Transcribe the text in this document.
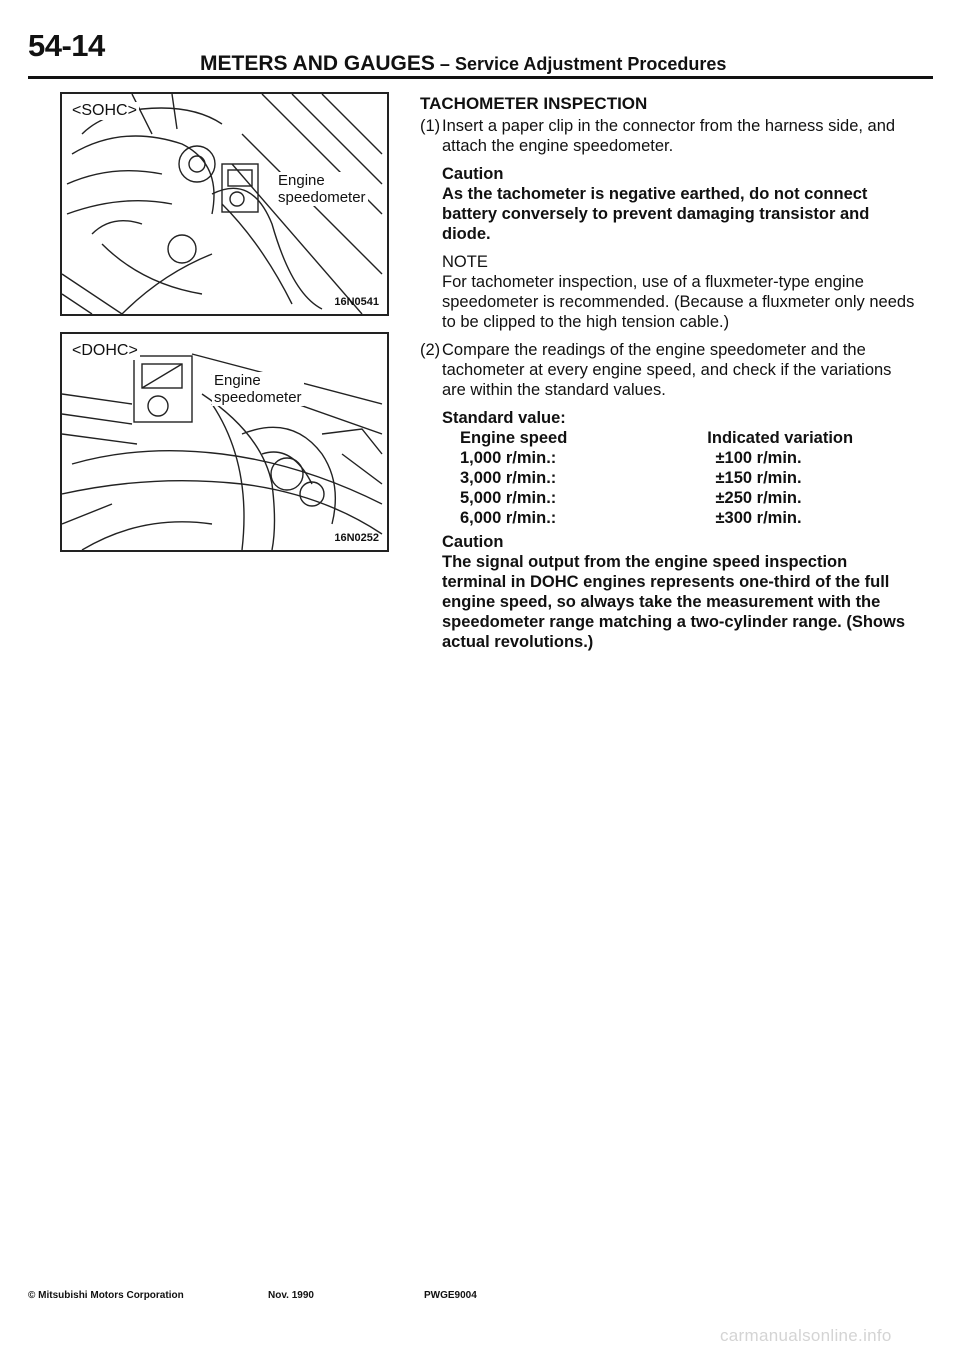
54-14
METERS AND GAUGES – Service Adjustment Procedures
<SOHC>
Engine
speedometer
16N0541
<DOHC>
Engine
speedometer
16N0252
TACHOMETER INSPECTION
(1) Insert a paper clip in the connector from the harness side, and attach the engine speedometer.
Caution
As the tachometer is negative earthed, do not connect battery conversely to prevent damaging transistor and diode.
NOTE
For tachometer inspection, use of a fluxmeter-type engine speedometer is recommended. (Because a fluxmeter only needs to be clipped to the high tension cable.)
(2) Compare the readings of the engine speedometer and the tachometer at every engine speed, and check if the variations are within the standard values.
Standard value:
Engine speed	Indicated variation
1,000 r/min.:	±100 r/min.
3,000 r/min.:	±150 r/min.
5,000 r/min.:	±250 r/min.
6,000 r/min.:	±300 r/min.
Caution
The signal output from the engine speed inspection terminal in DOHC engines represents one-third of the full engine speed, so always take the measurement with the speedometer range matching a two-cylinder range. (Shows actual revolutions.)
© Mitsubishi Motors Corporation	Nov. 1990	PWGE9004
carmanualsonline.info
